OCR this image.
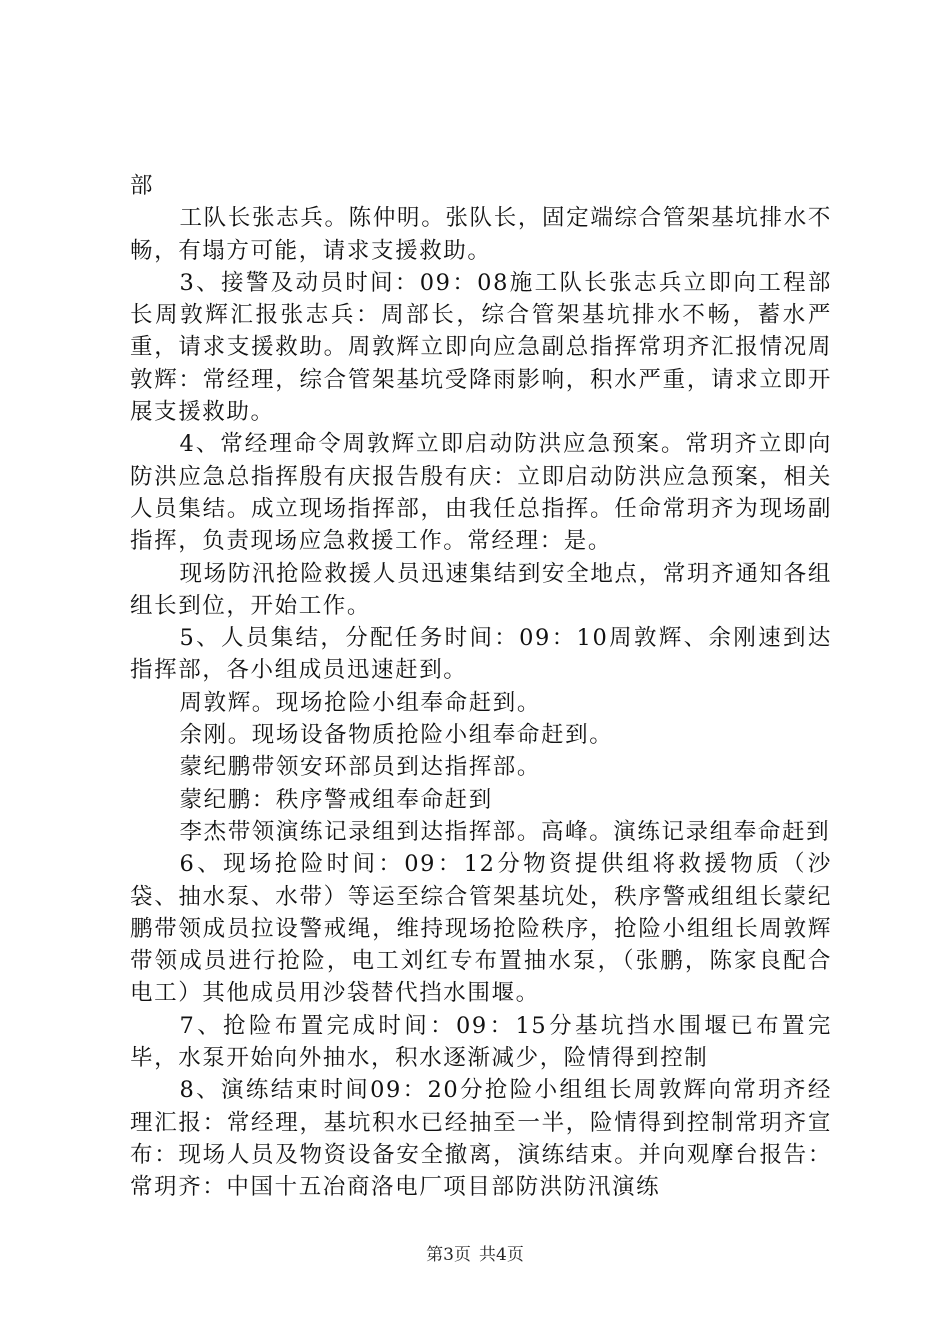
部

工队长张志兵。陈仲明。张队长，固定端综合管架基坑排水不畅，有塌方可能，请求支援救助。

3、接警及动员时间：09：08施工队长张志兵立即向工程部长周敦辉汇报张志兵：周部长，综合管架基坑排水不畅，蓄水严重，请求支援救助。周敦辉立即向应急副总指挥常玥齐汇报情况周敦辉：常经理，综合管架基坑受降雨影响，积水严重，请求立即开展支援救助。

4、常经理命令周敦辉立即启动防洪应急预案。常玥齐立即向防洪应急总指挥殷有庆报告殷有庆：立即启动防洪应急预案，相关人员集结。成立现场指挥部，由我任总指挥。任命常玥齐为现场副指挥，负责现场应急救援工作。常经理：是。

现场防汛抢险救援人员迅速集结到安全地点，常玥齐通知各组组长到位，开始工作。

5、人员集结，分配任务时间：09：10周敦辉、余刚速到达指挥部，各小组成员迅速赶到。

周敦辉。现场抢险小组奉命赶到。

余刚。现场设备物质抢险小组奉命赶到。

蒙纪鹏带领安环部员到达指挥部。

蒙纪鹏：秩序警戒组奉命赶到

李杰带领演练记录组到达指挥部。高峰。演练记录组奉命赶到

6、现场抢险时间：09：12分物资提供组将救援物质（沙袋、抽水泵、水带）等运至综合管架基坑处，秩序警戒组组长蒙纪鹏带领成员拉设警戒绳，维持现场抢险秩序，抢险小组组长周敦辉带领成员进行抢险，电工刘红专布置抽水泵，（张鹏，陈家良配合电工）其他成员用沙袋替代挡水围堰。

7、抢险布置完成时间：09：15分基坑挡水围堰已布置完毕，水泵开始向外抽水，积水逐渐减少，险情得到控制

8、演练结束时间09：20分抢险小组组长周敦辉向常玥齐经理汇报：常经理，基坑积水已经抽至一半，险情得到控制常玥齐宣布：现场人员及物资设备安全撤离，演练结束。并向观摩台报告：常玥齐：中国十五冶商洛电厂项目部防洪防汛演练

第3页 共4页
